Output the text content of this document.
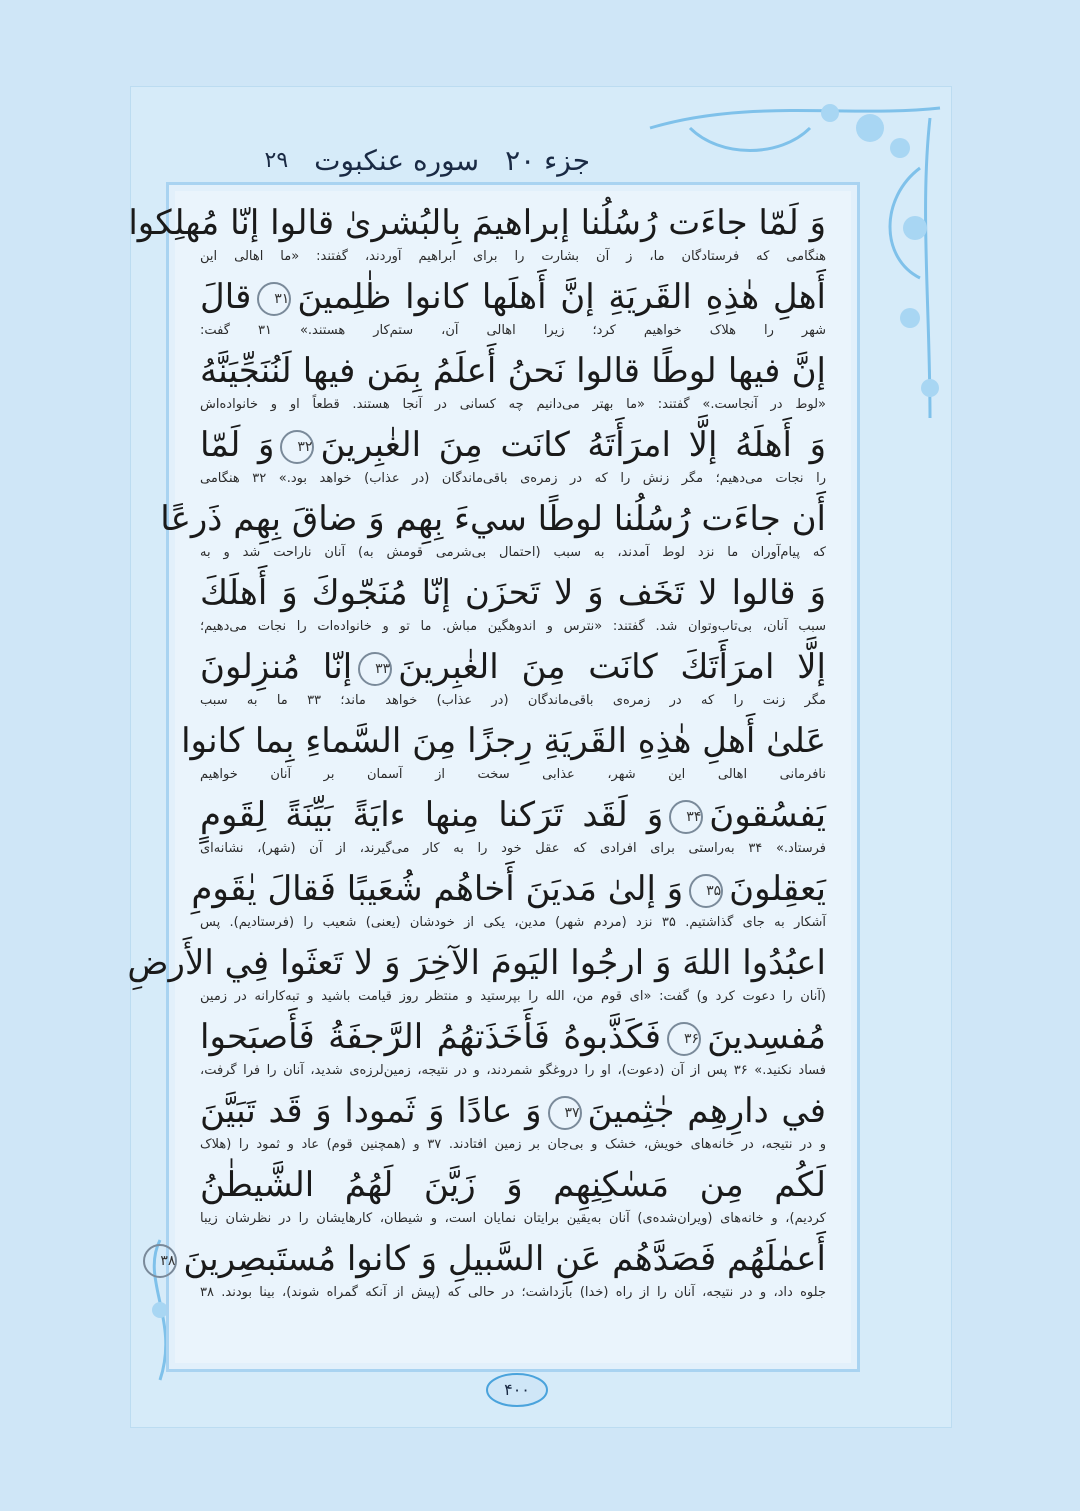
جزء ۲۰
سوره عنکبوت
۲۹
وَ لَمّا جاءَت رُسُلُنا إبراهيمَ بِالبُشرىٰ قالوا إنّا مُهلِكوا
هنگامی که فرستادگان ما، ز آن بشارت را برای ابراهیم آوردند، گفتند: «ما اهالی این
أَهلِ هٰذِهِ القَريَةِ إنَّ أَهلَها كانوا ظٰلِمينَ۳۱قالَ
شهر را هلاک خواهیم کرد؛ زیرا اهالی آن، ستم‌کار هستند.» ۳۱ گفت:
إنَّ فيها لوطًا قالوا نَحنُ أَعلَمُ بِمَن فيها لَنُنَجِّيَنَّهُ
«لوط در آنجاست.» گفتند: «ما بهتر می‌دانیم چه کسانی در آنجا هستند. قطعاً او و خانواده‌اش
وَ أَهلَهُ إلَّا امرَأَتَهُ كانَت مِنَ الغٰبِرينَ۳۲وَ لَمّا
را نجات می‌دهیم؛ مگر زنش را که در زمره‌ی باقی‌ماندگان (در عذاب) خواهد بود.» ۳۲ هنگامی
أَن جاءَت رُسُلُنا لوطًا سيءَ بِهِم وَ ضاقَ بِهِم ذَرعًا
که پیام‌آوران ما نزد لوط آمدند، به سبب (احتمال بی‌شرمی قومش به) آنان ناراحت شد و به
وَ قالوا لا تَخَف وَ لا تَحزَن إنّا مُنَجّوكَ وَ أَهلَكَ
سبب آنان، بی‌تاب‌وتوان شد. گفتند: «نترس و اندوهگین مباش. ما تو و خانواده‌ات را نجات می‌دهیم؛
إلَّا امرَأَتَكَ كانَت مِنَ الغٰبِرينَ۳۳إنّا مُنزِلونَ
مگر زنت را که در زمره‌ی باقی‌ماندگان (در عذاب) خواهد ماند؛ ۳۳ ما به سبب
عَلىٰ أَهلِ هٰذِهِ القَريَةِ رِجزًا مِنَ السَّماءِ بِما كانوا
نافرمانی اهالی این شهر، عذابی سخت از آسمان بر آنان خواهیم
يَفسُقونَ۳۴وَ لَقَد تَرَكنا مِنها ءايَةً بَيِّنَةً لِقَومٍ
فرستاد.» ۳۴ به‌راستی برای افرادی که عقل خود را به کار می‌گیرند، از آن (شهر)، نشانه‌ای
يَعقِلونَ۳۵وَ إلىٰ مَديَنَ أَخاهُم شُعَيبًا فَقالَ يٰقَومِ
آشکار به جای گذاشتیم. ۳۵ نزد (مردم شهر) مدین، یکی از خودشان (یعنی) شعیب را (فرستادیم). پس
اعبُدُوا اللهَ وَ ارجُوا اليَومَ الآخِرَ وَ لا تَعثَوا فِي الأَرضِ
(آنان را دعوت کرد و) گفت: «ای قوم من، الله را بپرستید و منتظر روز قیامت باشید و تبه‌کارانه در زمین
مُفسِدينَ۳۶فَكَذَّبوهُ فَأَخَذَتهُمُ الرَّجفَةُ فَأَصبَحوا
فساد نکنید.» ۳۶ پس از آن (دعوت)، او را دروغگو شمردند، و در نتیجه، زمین‌لرزه‌ی شدید، آنان را فرا گرفت،
في دارِهِم جٰثِمينَ۳۷وَ عادًا وَ ثَمودا وَ قَد تَبَيَّنَ
و در نتیجه، در خانه‌های خویش، خشک و بی‌جان بر زمین افتادند. ۳۷ و (همچنین قوم) عاد و ثمود را (هلاک
لَكُم مِن مَسٰكِنِهِم وَ زَيَّنَ لَهُمُ الشَّيطٰنُ
کردیم)، و خانه‌های (ویران‌شده‌ی) آنان به‌یقین برایتان نمایان است، و شیطان، کارهایشان را در نظرشان زیبا
أَعمٰلَهُم فَصَدَّهُم عَنِ السَّبيلِ وَ كانوا مُستَبصِرينَ۳۸
جلوه داد، و در نتیجه، آنان را از راه (خدا) بازداشت؛ در حالی که (پیش از آنکه گمراه شوند)، بینا بودند. ۳۸
۴۰۰
